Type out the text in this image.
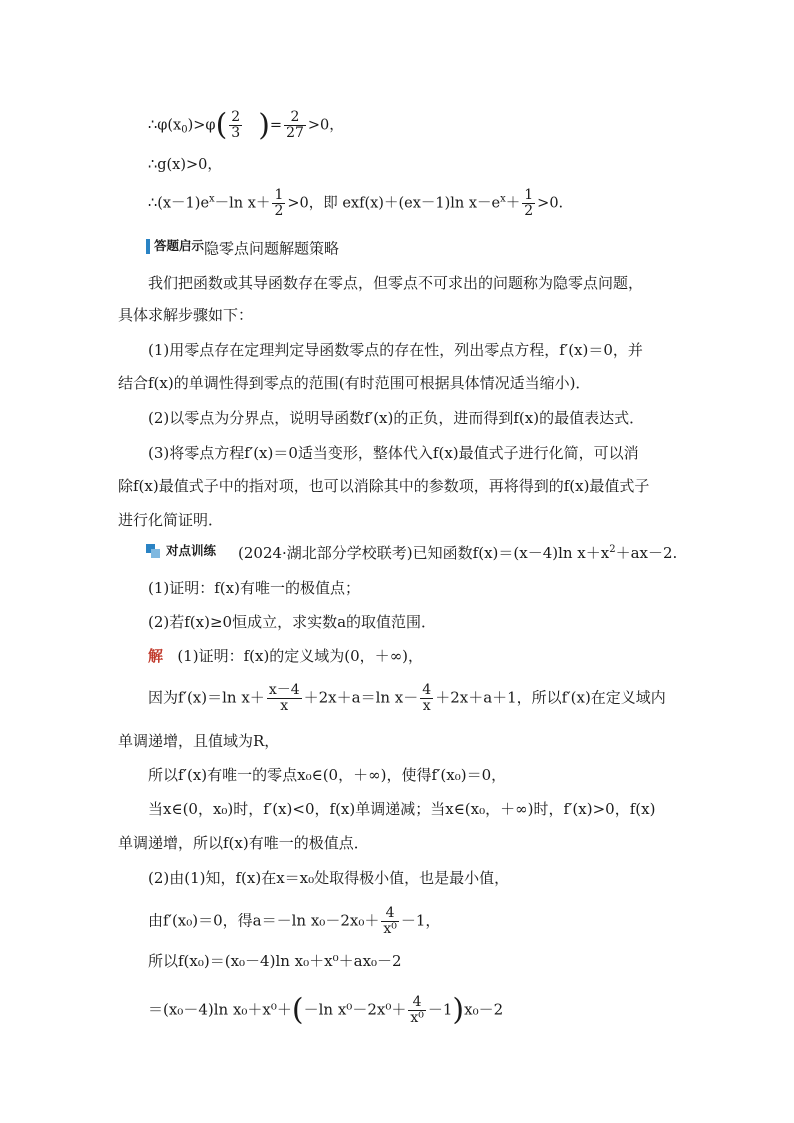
$\therefore\varphi(x_0)>\varphi( \frac{2}{3}$ )= $\frac{2}{27} >0$，
∴g(x)>0，
$\therefore(x-1)e^x-\ln$ $x+ \frac{1}{2} >0$，即 exf(x)＋(ex－1)ln $x-e^x+ \frac{1}{2} >0$.
答题启示 隐零点问题解题策略
我们把函数或其导函数存在零点，但零点不可求出的问题称为隐零点问题，
具体求解步骤如下：
(1)用零点存在定理判定导函数零点的存在性，列出零点方程，f′(x)＝0，并
结合f(x)的单调性得到零点的范围(有时范围可根据具体情况适当缩小)．
(2)以零点为分界点，说明导函数f′(x)的正负，进而得到f(x)的最值表达式．
(3)将零点方程f′(x)＝0适当变形，整体代入f(x)最值式子进行化简，可以消
除f(x)最值式子中的指对项，也可以消除其中的参数项，再将得到的f(x)最值式子
进行化简证明．
对点训练 (2024·湖北部分学校联考)已知函数f(x)＝(x－4)ln $x+x^2+ax-2$.
(1)证明：f(x)有唯一的极值点；
(2)若f(x)≥0恒成立，求实数a的取值范围．
解 (1)证明：f(x)的定义域为(0，＋∞)，
因为f′(x)＝ln $x+ \frac{x-4}{x} +2x+a=\ln$ $x- \frac{4}{x} +2x+a+1$，所以f′(x)在定义域内
单调递增，且值域为R，
所以f′(x)有唯一的零点x₀∈(0，＋∞)，使得f′(x₀)＝0，
当x∈(0，x₀)时，f′(x)<0，f(x)单调递减；当x∈(x₀，＋∞)时，f′(x)>0，f(x)
单调递增，所以f(x)有唯一的极值点．
(2)由(1)知，f(x)在x＝x₀处取得极小值，也是最小值，
由f′(x₀)＝0，得a＝－ln $x_0-2x_0+ \frac{4}{\text{x⁰}} -1$，
所以f(x₀)＝(x₀－4)ln x₀＋x⁰＋ax₀－2
＝(x₀－4)ln x₀＋x⁰＋(－ln $x^0-2x^0+ \frac{4}{\text{x⁰}} -1)x_0-2$
